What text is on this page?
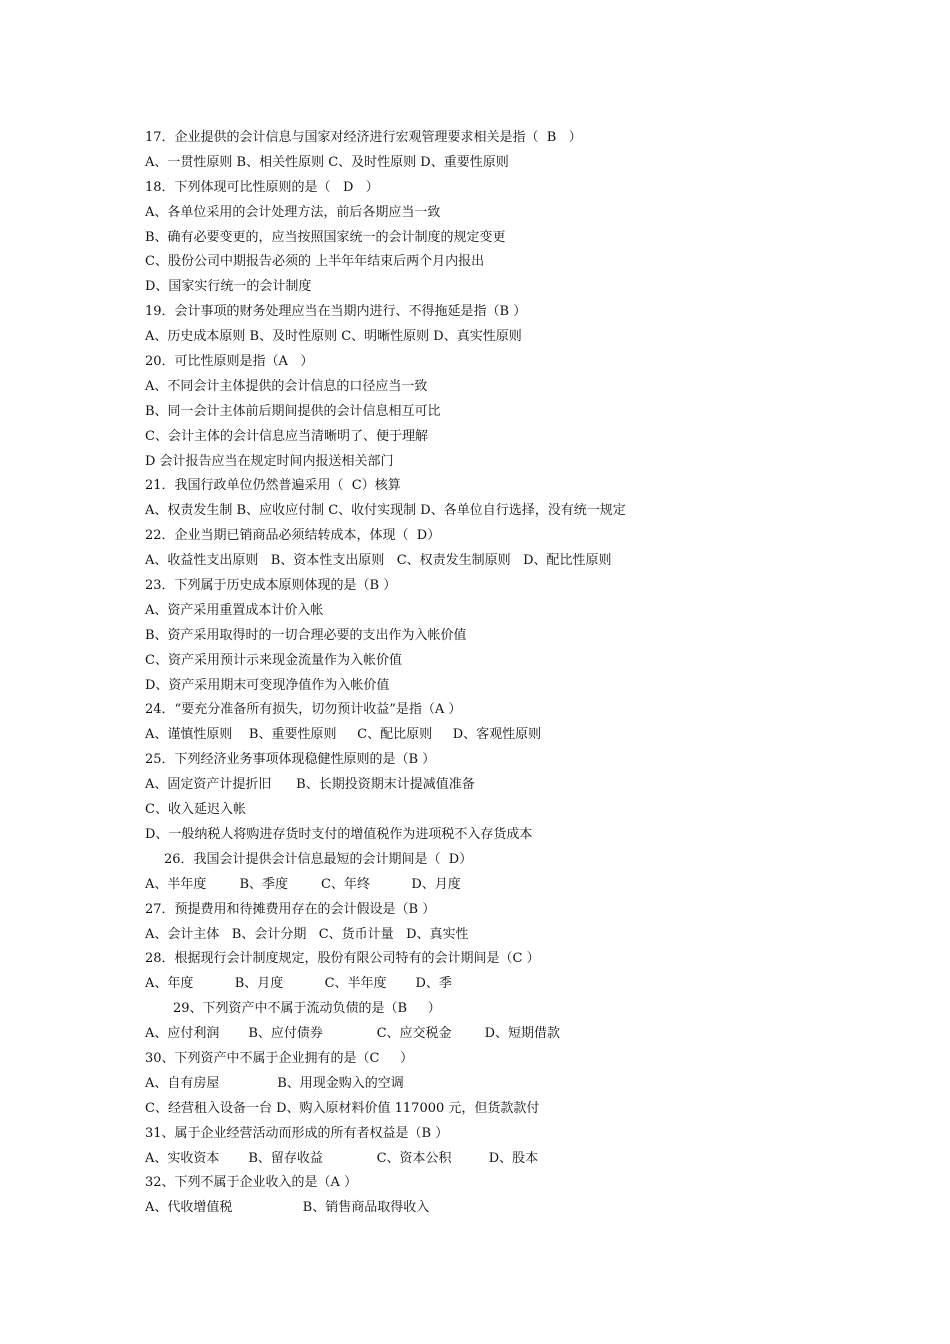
17．企业提供的会计信息与国家对经济进行宏观管理要求相关是指（  B   ）
A、一贯性原则 B、相关性原则 C、及时性原则 D、重要性原则
18．下列体现可比性原则的是（   D   ）
A、各单位采用的会计处理方法，前后各期应当一致
B、确有必要变更的，应当按照国家统一的会计制度的规定变更
C、股份公司中期报告必须的 上半年年结束后两个月内报出
D、国家实行统一的会计制度
19．会计事项的财务处理应当在当期内进行、不得拖延是指（B ）
A、历史成本原则 B、及时性原则 C、明晰性原则 D、真实性原则
20．可比性原则是指（A   ）
A、不同会计主体提供的会计信息的口径应当一致
B、同一会计主体前后期间提供的会计信息相互可比
C、会计主体的会计信息应当清晰明了、便于理解
D 会计报告应当在规定时间内报送相关部门
21．我国行政单位仍然普遍采用（  C）核算
A、权责发生制 B、应收应付制 C、收付实现制 D、各单位自行选择，没有统一规定
22．企业当期已销商品必须结转成本，体现（  D）
A、收益性支出原则   B、资本性支出原则   C、权责发生制原则   D、配比性原则
23．下列属于历史成本原则体现的是（B ）
A、资产采用重置成本计价入帐
B、资产采用取得时的一切合理必要的支出作为入帐价值
C、资产采用预计示来现金流量作为入帐价值
D、资产采用期末可变现净值作为入帐价值
24．“要充分准备所有损失，切勿预计收益”是指（A ）
A、谨慎性原则    B、重要性原则     C、配比原则     D、客观性原则
25．下列经济业务事项体现稳健性原则的是（B ）
A、固定资产计提折旧      B、长期投资期末计提减值准备
C、收入延迟入帐
D、一般纳税人将购进存货时支付的增值税作为进项税不入存货成本
26．我国会计提供会计信息最短的会计期间是（  D）
A、半年度        B、季度        C、年终          D、月度
27．预提费用和待摊费用存在的会计假设是（B ）
A、会计主体   B、会计分期   C、货币计量   D、真实性
28．根据现行会计制度规定，股份有限公司特有的会计期间是（C ）
A、年度          B、月度          C、半年度       D、季
29、下列资产中不属于流动负债的是（B     ）
A、应付利润       B、应付债券             C、应交税金        D、短期借款
30、下列资产中不属于企业拥有的是（C     ）
A、自有房屋              B、用现金购入的空调
C、经营租入设备一台 D、购入原材料价值 117000 元，但货款款付
31、属于企业经营活动而形成的所有者权益是（B ）
A、实收资本       B、留存收益             C、资本公积         D、股本
32、下列不属于企业收入的是（A ）
A、代收增值税                 B、销售商品取得收入
